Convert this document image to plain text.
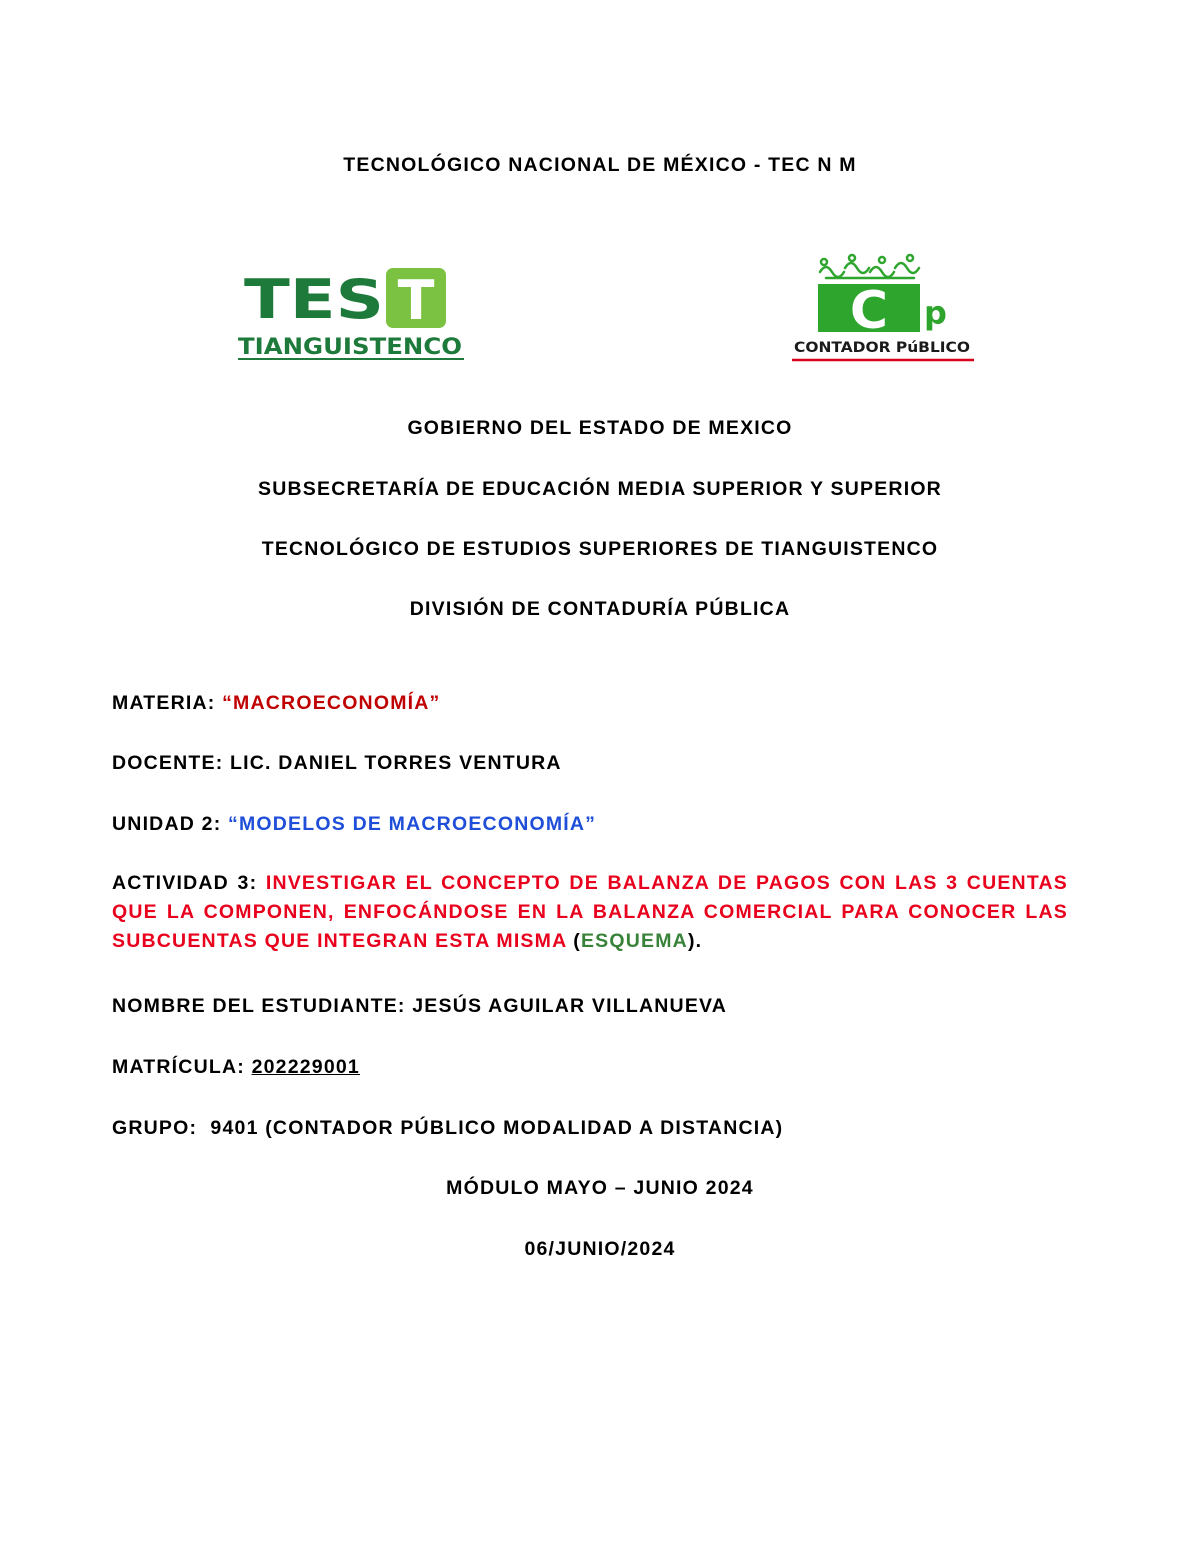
TECNOLÓGICO NACIONAL DE MÉXICO - TEC N M
TES T
TIANGUISTENCO
C p
CONTADOR PúBLICO
GOBIERNO DEL ESTADO DE MEXICO
SUBSECRETARÍA DE EDUCACIÓN MEDIA SUPERIOR Y SUPERIOR
TECNOLÓGICO DE ESTUDIOS SUPERIORES DE TIANGUISTENCO
DIVISIÓN DE CONTADURÍA PÚBLICA
MATERIA: “MACROECONOMÍA”
DOCENTE: LIC. DANIEL TORRES VENTURA
UNIDAD 2: “MODELOS DE MACROECONOMÍA”
ACTIVIDAD 3: INVESTIGAR EL CONCEPTO DE BALANZA DE PAGOS CON LAS 3 CUENTAS QUE LA COMPONEN, ENFOCÁNDOSE EN LA BALANZA COMERCIAL PARA CONOCER LAS SUBCUENTAS QUE INTEGRAN ESTA MISMA (ESQUEMA).
NOMBRE DEL ESTUDIANTE: JESÚS AGUILAR VILLANUEVA
MATRÍCULA: 202229001
GRUPO:  9401 (CONTADOR PÚBLICO MODALIDAD A DISTANCIA)
MÓDULO MAYO – JUNIO 2024
06/JUNIO/2024
